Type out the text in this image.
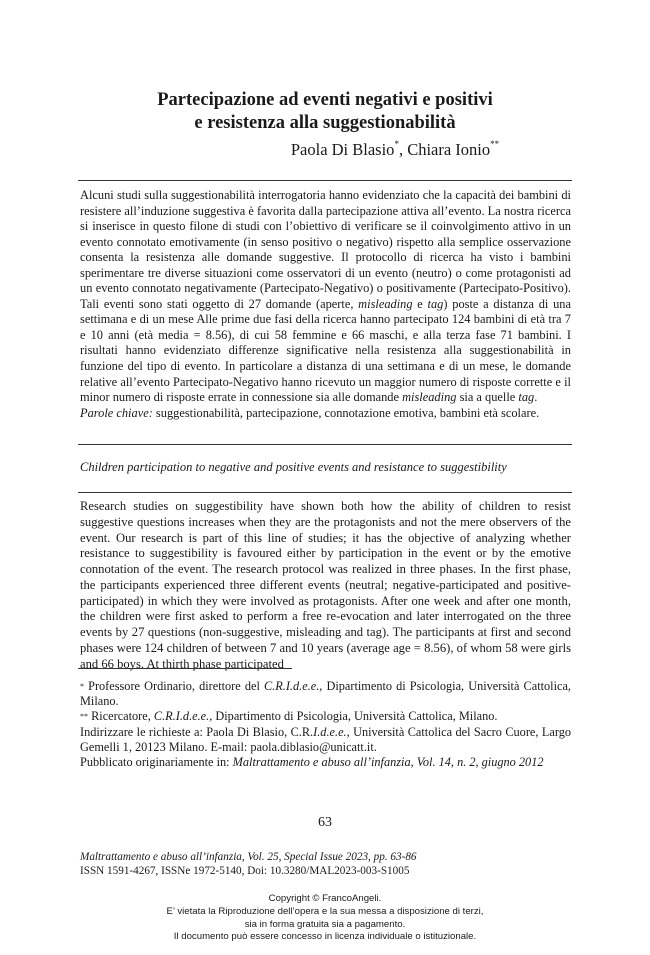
Partecipazione ad eventi negativi e positivi
e resistenza alla suggestionabilità
Paola Di Blasio*, Chiara Ionio**

Alcuni studi sulla suggestionabilità interrogatoria hanno evidenziato che la capacità dei bambini di resistere all’induzione suggestiva è favorita dalla partecipazione attiva all’evento. La nostra ricerca si inserisce in questo filone di studi con l’obiettivo di verificare se il coinvolgimento attivo in un evento connotato emotivamente (in senso positivo o negativo) rispetto alla semplice osservazione consenta la resistenza alle domande suggestive. Il protocollo di ricerca ha visto i bambini sperimentare tre diverse situazioni come osservatori di un evento (neutro) o come protagonisti ad un evento connotato negativamente (Partecipato-Negativo) o positivamente (Partecipato-Positivo). Tali eventi sono stati oggetto di 27 domande (aperte, misleading e tag) poste a distanza di una settimana e di un mese Alle prime due fasi della ricerca hanno partecipato 124 bambini di età tra 7 e 10 anni (età media = 8.56), di cui 58 femmine e 66 maschi, e alla terza fase 71 bambini. I risultati hanno evidenziato differenze significative nella resistenza alla suggestionabilità in funzione del tipo di evento. In particolare a distanza di una settimana e di un mese, le domande relative all’evento Partecipato-Negativo hanno ricevuto un maggior numero di risposte corrette e il minor numero di risposte errate in connessione sia alle domande misleading sia a quelle tag.

Parole chiave: suggestionabilità, partecipazione, connotazione emotiva, bambini età scolare.

Children participation to negative and positive events and resistance to suggestibility
Research studies on suggestibility have shown both how the ability of children to resist suggestive questions increases when they are the protagonists and not the mere observers of the event. Our research is part of this line of studies; it has the objective of analyzing whether resistance to suggestibility is favoured either by participation in the event or by the emotive connotation of the event. The research protocol was realized in three phases. In the first phase, the participants experienced three different events (neutral; negative-participated and positive-participated) in which they were involved as protagonists. After one week and after one month, the children were first asked to perform a free re-evocation and later interrogated on the three events by 27 questions (non-suggestive, misleading and tag). The participants at first and second phases were 124 children of between 7 and 10 years (average age = 8.56), of whom 58 were girls and 66 boys. At thirth phase participated

* Professore Ordinario, direttore del C.R.I.d.e.e., Dipartimento di Psicologia, Università Cattolica, Milano.

** Ricercatore, C.R.I.d.e.e., Dipartimento di Psicologia, Università Cattolica, Milano.

Indirizzare le richieste a: Paola Di Blasio, C.R.I.d.e.e., Università Cattolica del Sacro Cuore, Largo Gemelli 1, 20123 Milano. E-mail: paola.diblasio@unicatt.it.

Pubblicato originariamente in: Maltrattamento e abuso all’infanzia, Vol. 14, n. 2, giugno 2012

63

Maltrattamento e abuso all’infanzia, Vol. 25, Special Issue 2023, pp. 63-86

ISSN 1591-4267, ISSNe 1972-5140, Doi: 10.3280/MAL2023-003-S1005

Copyright © FrancoAngeli.

E’ vietata la Riproduzione dell’opera e la sua messa a disposizione di terzi,

sia in forma gratuita sia a pagamento.

Il documento può essere concesso in licenza individuale o istituzionale.
